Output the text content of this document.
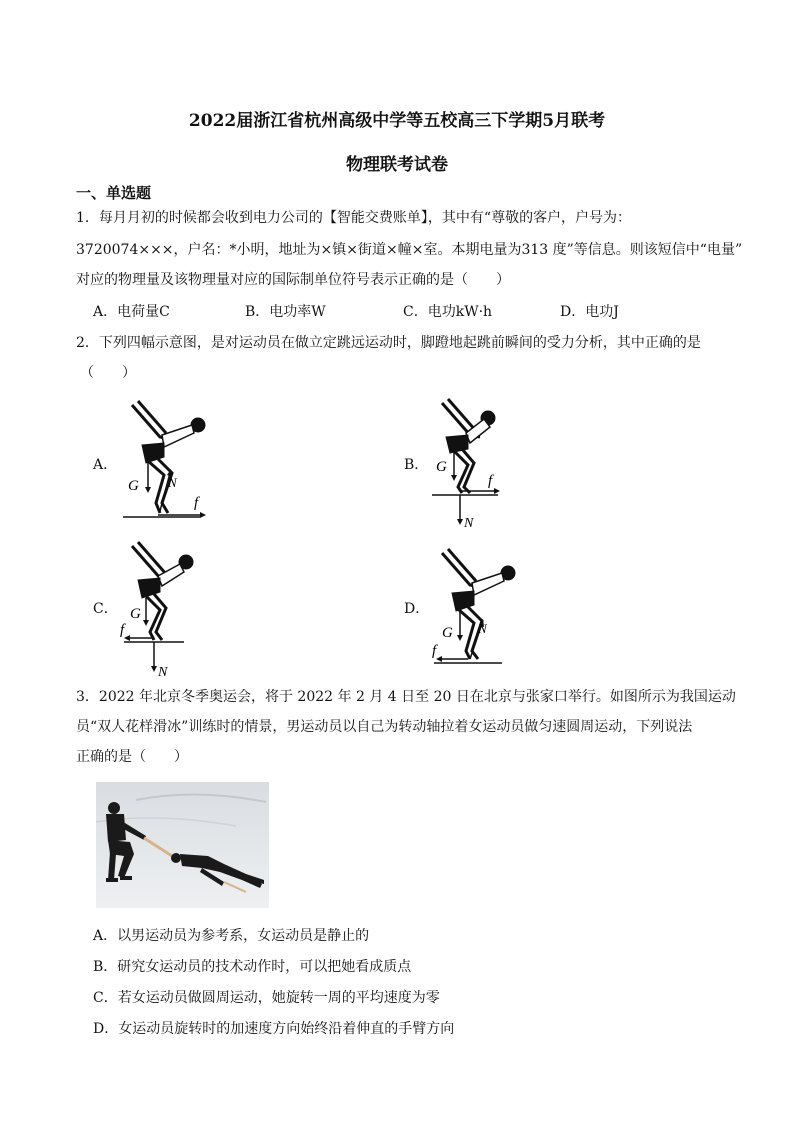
2022届浙江省杭州高级中学等五校高三下学期5月联考
物理联考试卷
一、单选题
1．每月月初的时候都会收到电力公司的【智能交费账单】，其中有“尊敬的客户，户号为：
3720074×××，户名：*小明，地址为×镇×街道×幢×室。本期电量为313 度”等信息。则该短信中“电量”
对应的物理量及该物理量对应的国际制单位符号表示正确的是（　　）
A．电荷量C	B．电功率W	C．电功kW·h	D．电功J
2．下列四幅示意图，是对运动员在做立定跳远运动时，脚蹬地起跳前瞬间的受力分析，其中正确的是
（　　）
A．
G N
f
B． G
N
f
C． G
N
f
D．
G N
f
3．2022 年北京冬季奥运会，将于 2022 年 2 月 4 日至 20 日在北京与张家口举行。如图所示为我国运动
员“双人花样滑冰”训练时的情景，男运动员以自己为转动轴拉着女运动员做匀速圆周运动，下列说法
正确的是（　　）
A．以男运动员为参考系，女运动员是静止的
B．研究女运动员的技术动作时，可以把她看成质点
C．若女运动员做圆周运动，她旋转一周的平均速度为零
D．女运动员旋转时的加速度方向始终沿着伸直的手臂方向
